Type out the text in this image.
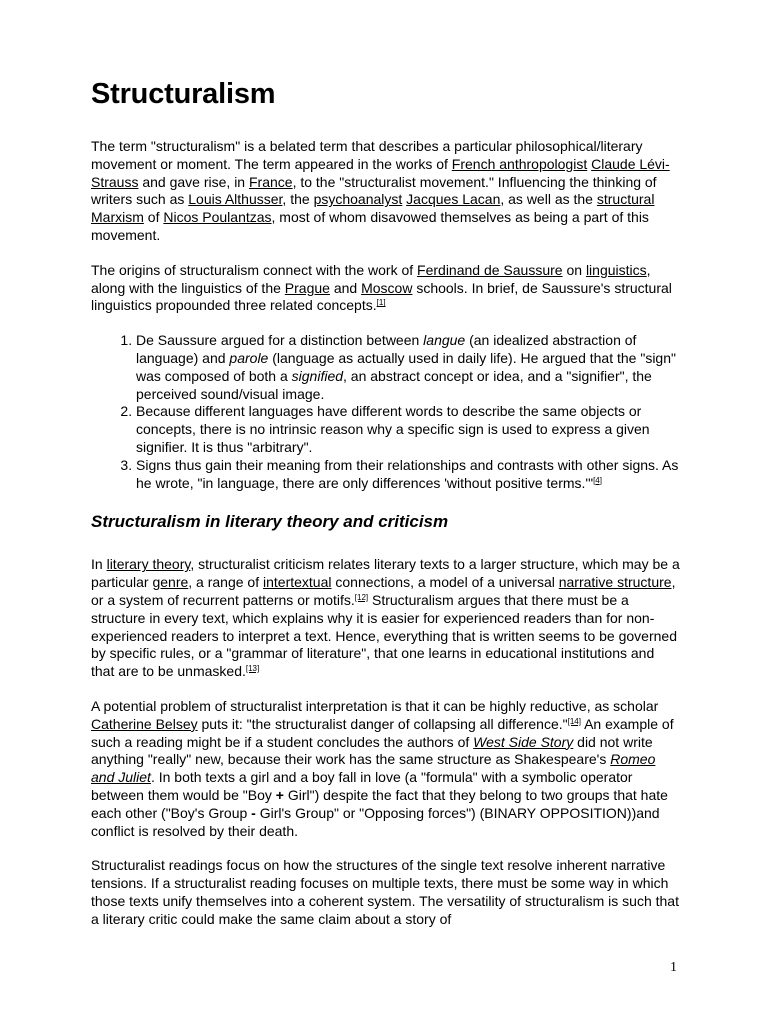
Structuralism

The term "structuralism" is a belated term that describes a particular philosophical/literary movement or moment. The term appeared in the works of French anthropologist Claude Lévi-Strauss and gave rise, in France, to the "structuralist movement." Influencing the thinking of writers such as Louis Althusser, the psychoanalyst Jacques Lacan, as well as the structural Marxism of Nicos Poulantzas, most of whom disavowed themselves as being a part of this movement.

The origins of structuralism connect with the work of Ferdinand de Saussure on linguistics, along with the linguistics of the Prague and Moscow schools. In brief, de Saussure's structural linguistics propounded three related concepts.[1]

1. De Saussure argued for a distinction between langue (an idealized abstraction of language) and parole (language as actually used in daily life). He argued that the "sign" was composed of both a signified, an abstract concept or idea, and a "signifier", the perceived sound/visual image.
2. Because different languages have different words to describe the same objects or concepts, there is no intrinsic reason why a specific sign is used to express a given signifier. It is thus "arbitrary".
3. Signs thus gain their meaning from their relationships and contrasts with other signs. As he wrote, "in language, there are only differences 'without positive terms.'"[4]
Structuralism in literary theory and criticism

In literary theory, structuralist criticism relates literary texts to a larger structure, which may be a particular genre, a range of intertextual connections, a model of a universal narrative structure, or a system of recurrent patterns or motifs.[12] Structuralism argues that there must be a structure in every text, which explains why it is easier for experienced readers than for non-experienced readers to interpret a text. Hence, everything that is written seems to be governed by specific rules, or a "grammar of literature", that one learns in educational institutions and that are to be unmasked.[13]

A potential problem of structuralist interpretation is that it can be highly reductive, as scholar Catherine Belsey puts it: "the structuralist danger of collapsing all difference."[14] An example of such a reading might be if a student concludes the authors of West Side Story did not write anything "really" new, because their work has the same structure as Shakespeare's Romeo and Juliet. In both texts a girl and a boy fall in love (a "formula" with a symbolic operator between them would be "Boy + Girl") despite the fact that they belong to two groups that hate each other ("Boy's Group - Girl's Group" or "Opposing forces") (BINARY OPPOSITION))and conflict is resolved by their death.

Structuralist readings focus on how the structures of the single text resolve inherent narrative tensions. If a structuralist reading focuses on multiple texts, there must be some way in which those texts unify themselves into a coherent system. The versatility of structuralism is such that a literary critic could make the same claim about a story of

1
